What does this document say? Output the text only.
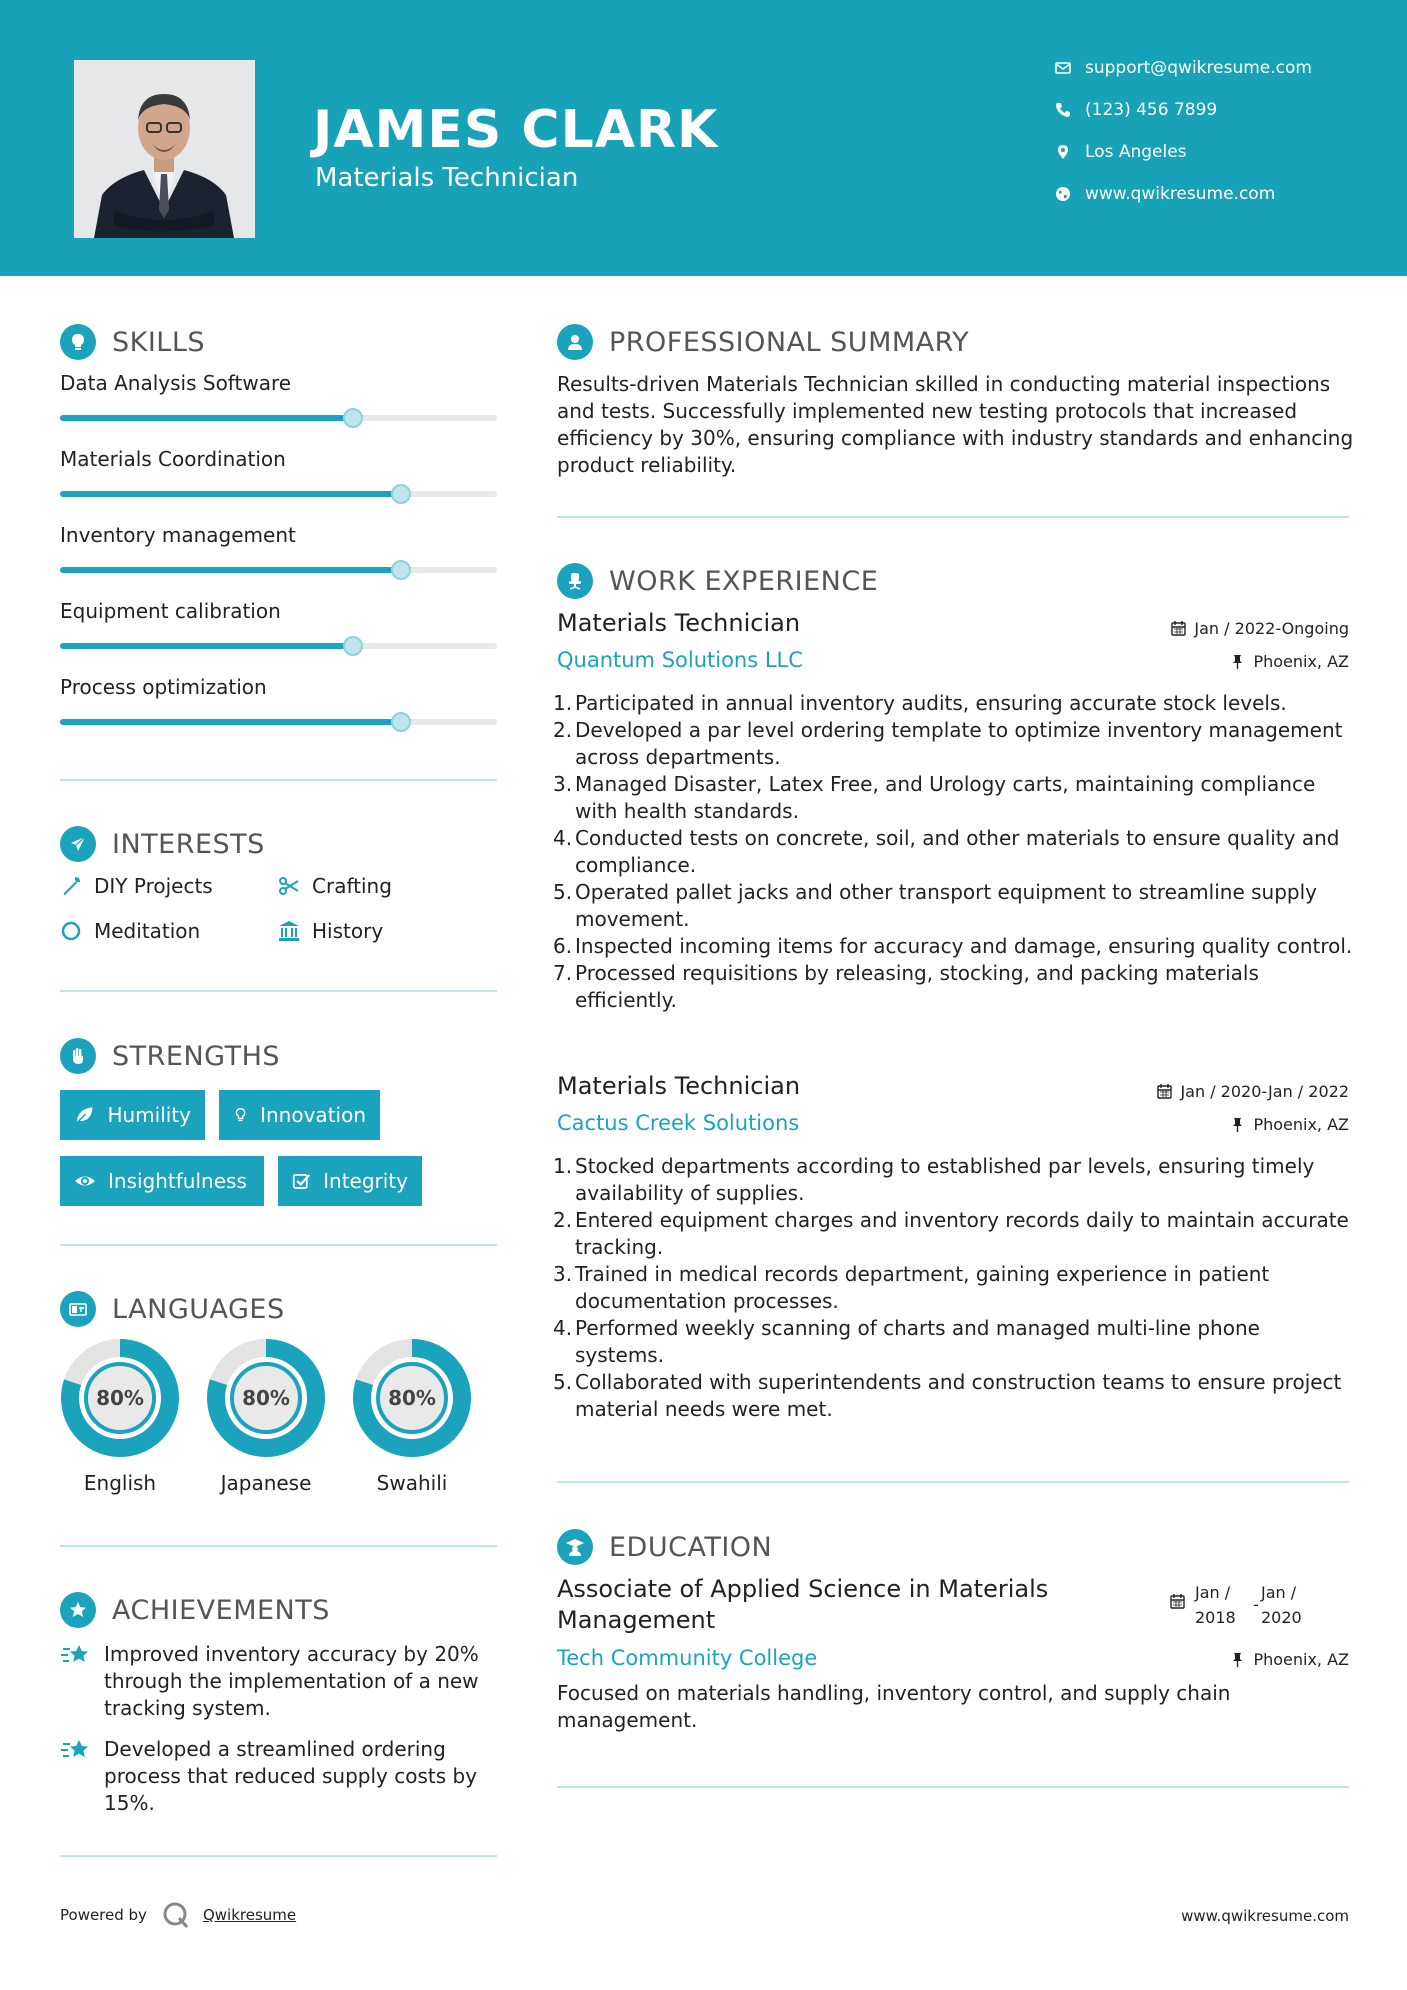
JAMES CLARK
Materials Technician
support@qwikresume.com
(123) 456 7899
Los Angeles
www.qwikresume.com
SKILLS
Data Analysis Software
Materials Coordination
Inventory management
Equipment calibration
Process optimization
INTERESTS
DIY Projects	Crafting
Meditation	History
STRENGTHS
Humility	Innovation
Insightfulness	Integrity
LANGUAGES
80%
English
80%
Japanese
80%
Swahili
ACHIEVEMENTS
Improved inventory accuracy by 20% through the implementation of a new tracking system.
Developed a streamlined ordering process that reduced supply costs by 15%.
PROFESSIONAL SUMMARY
Results-driven Materials Technician skilled in conducting material inspections and tests. Successfully implemented new testing protocols that increased efficiency by 30%, ensuring compliance with industry standards and enhancing product reliability.
WORK EXPERIENCE
Materials Technician
Quantum Solutions LLC
Jan / 2022-Ongoing
Phoenix, AZ
1. Participated in annual inventory audits, ensuring accurate stock levels.
2. Developed a par level ordering template to optimize inventory management across departments.
3. Managed Disaster, Latex Free, and Urology carts, maintaining compliance with health standards.
4. Conducted tests on concrete, soil, and other materials to ensure quality and compliance.
5. Operated pallet jacks and other transport equipment to streamline supply movement.
6. Inspected incoming items for accuracy and damage, ensuring quality control.
7. Processed requisitions by releasing, stocking, and packing materials efficiently.
Materials Technician
Cactus Creek Solutions
Jan / 2020-Jan / 2022
Phoenix, AZ
1. Stocked departments according to established par levels, ensuring timely availability of supplies.
2. Entered equipment charges and inventory records daily to maintain accurate tracking.
3. Trained in medical records department, gaining experience in patient documentation processes.
4. Performed weekly scanning of charts and managed multi-line phone systems.
5. Collaborated with superintendents and construction teams to ensure project material needs were met.
EDUCATION
Associate of Applied Science in Materials Management
Tech Community College
Jan /
2018
-
Jan /
2020
Phoenix, AZ
Focused on materials handling, inventory control, and supply chain management.
Powered by	Qwikresume	www.qwikresume.com
